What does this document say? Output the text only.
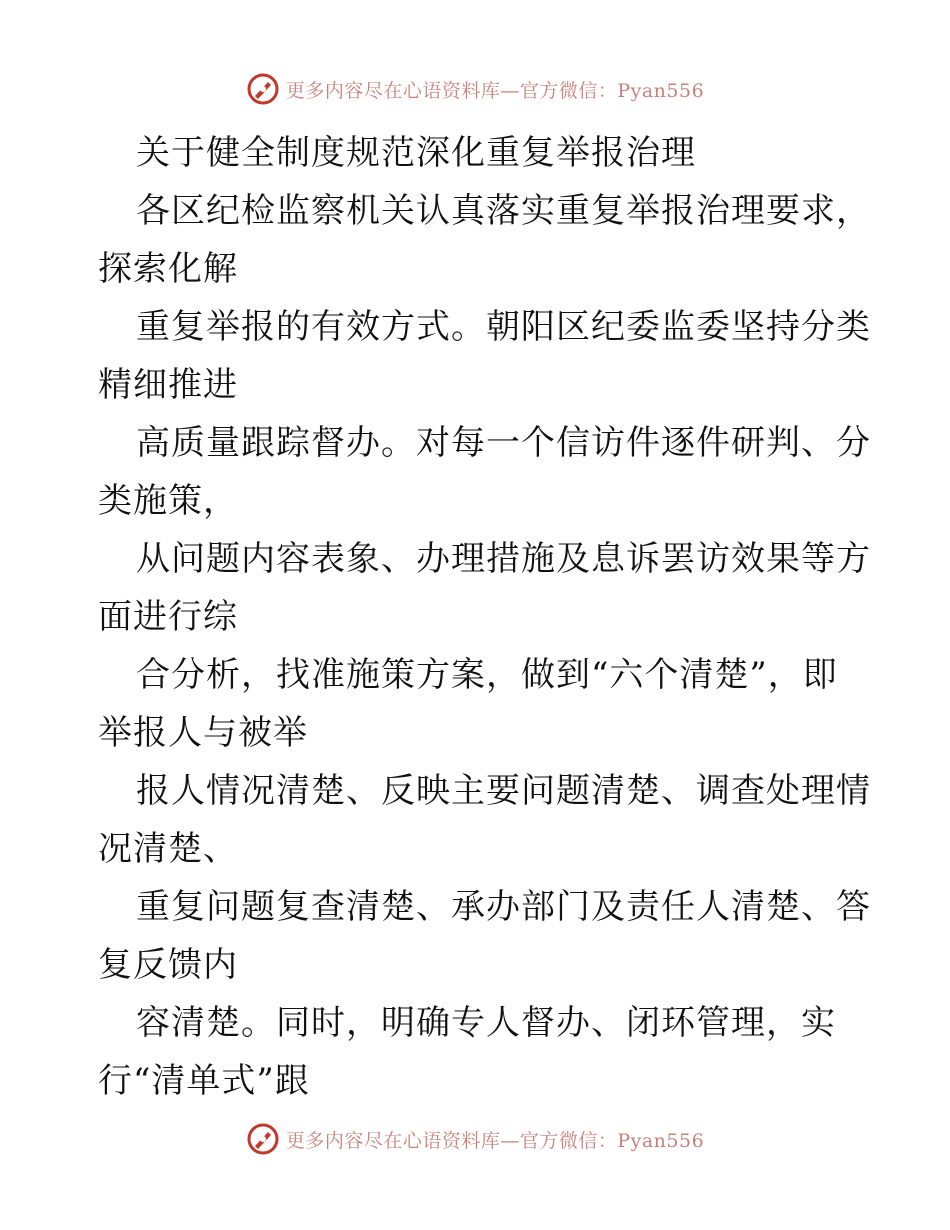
更多内容尽在心语资料库—官方微信：Pyan556
关于健全制度规范深化重复举报治理
各区纪检监察机关认真落实重复举报治理要求，
探索化解
重复举报的有效方式。朝阳区纪委监委坚持分类
精细推进
高质量跟踪督办。对每一个信访件逐件研判、分
类施策，
从问题内容表象、办理措施及息诉罢访效果等方
面进行综
合分析，找准施策方案，做到“六个清楚”，即
举报人与被举
报人情况清楚、反映主要问题清楚、调查处理情
况清楚、
重复问题复查清楚、承办部门及责任人清楚、答
复反馈内
容清楚。同时，明确专人督办、闭环管理，实
行“清单式”跟
更多内容尽在心语资料库—官方微信：Pyan556
